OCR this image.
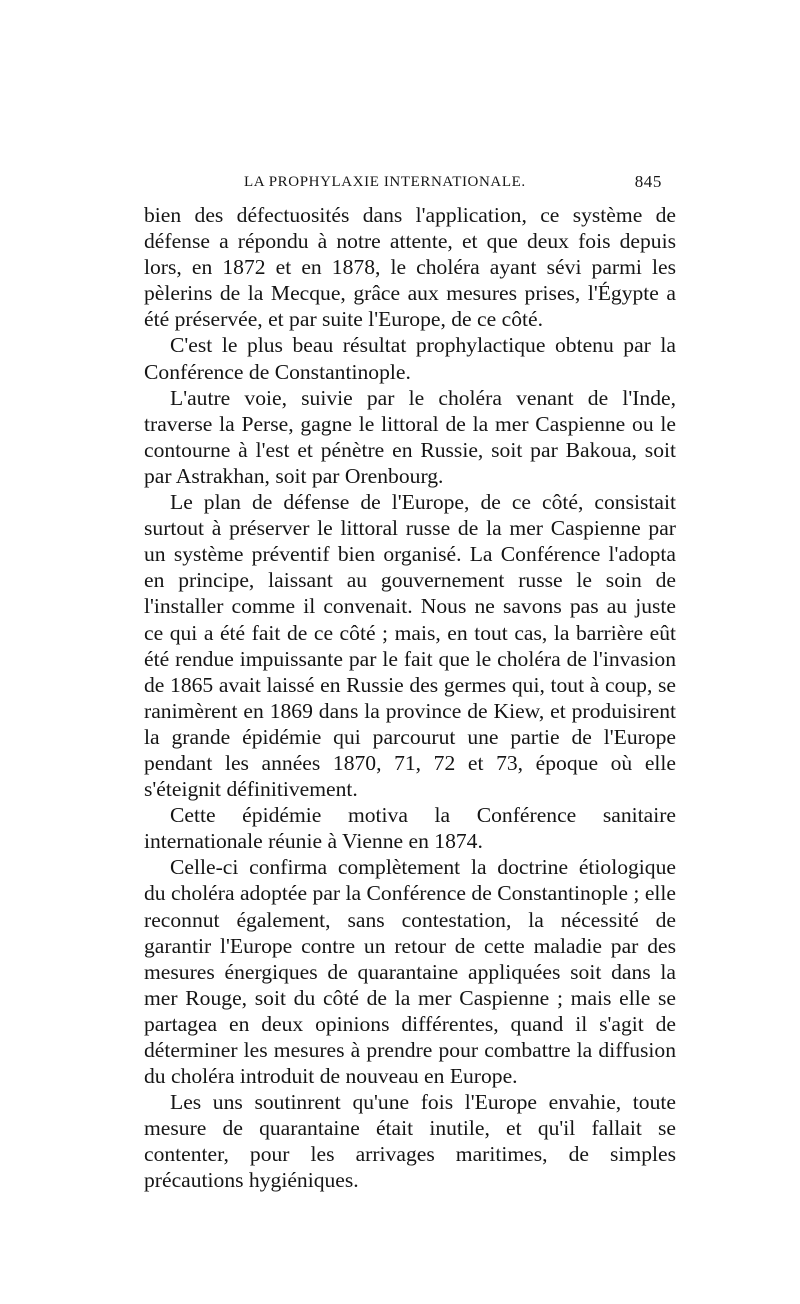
LA PROPHYLAXIE INTERNATIONALE.	845

bien des défectuosités dans l'application, ce système de défense a répondu à notre attente, et que deux fois depuis lors, en 1872 et en 1878, le choléra ayant sévi parmi les pèlerins de la Mecque, grâce aux mesures prises, l'Égypte a été préservée, et par suite l'Europe, de ce côté.

C'est le plus beau résultat prophylactique obtenu par la Conférence de Constantinople.

L'autre voie, suivie par le choléra venant de l'Inde, traverse la Perse, gagne le littoral de la mer Caspienne ou le contourne à l'est et pénètre en Russie, soit par Bakoua, soit par Astrakhan, soit par Orenbourg.

Le plan de défense de l'Europe, de ce côté, consistait surtout à préserver le littoral russe de la mer Caspienne par un système préventif bien organisé. La Conférence l'adopta en principe, laissant au gouvernement russe le soin de l'installer comme il convenait. Nous ne savons pas au juste ce qui a été fait de ce côté ; mais, en tout cas, la barrière eût été rendue impuissante par le fait que le choléra de l'invasion de 1865 avait laissé en Russie des germes qui, tout à coup, se ranimèrent en 1869 dans la province de Kiew, et produisirent la grande épidémie qui parcourut une partie de l'Europe pendant les années 1870, 71, 72 et 73, époque où elle s'éteignit définitivement.

Cette épidémie motiva la Conférence sanitaire internationale réunie à Vienne en 1874.

Celle-ci confirma complètement la doctrine étiologique du choléra adoptée par la Conférence de Constantinople ; elle reconnut également, sans contestation, la nécessité de garantir l'Europe contre un retour de cette maladie par des mesures énergiques de quarantaine appliquées soit dans la mer Rouge, soit du côté de la mer Caspienne ; mais elle se partagea en deux opinions différentes, quand il s'agit de déterminer les mesures à prendre pour combattre la diffusion du choléra introduit de nouveau en Europe.

Les uns soutinrent qu'une fois l'Europe envahie, toute mesure de quarantaine était inutile, et qu'il fallait se contenter, pour les arrivages maritimes, de simples précautions hygiéniques.
